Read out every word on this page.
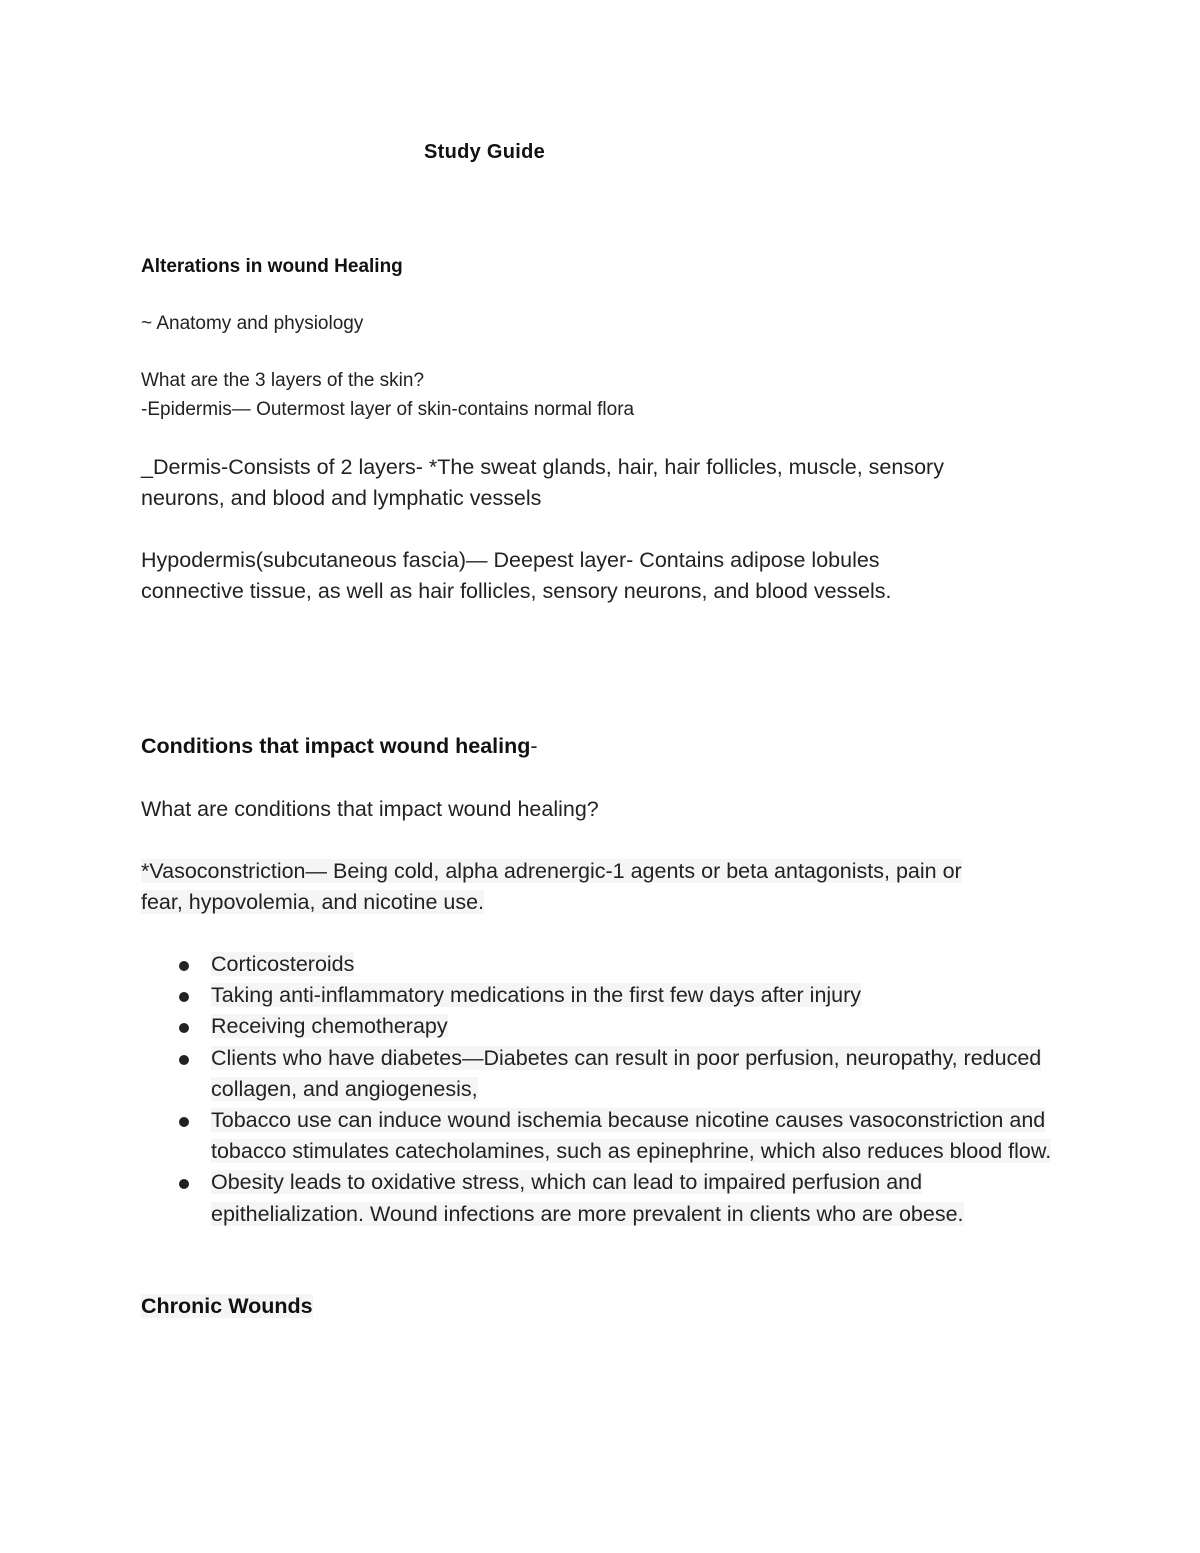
Study Guide
Alterations in wound Healing
~ Anatomy and physiology
What are the 3 layers of the skin?
-Epidermis— Outermost layer of skin-contains normal flora
_Dermis-Consists of 2 layers- *The sweat glands, hair, hair follicles, muscle, sensory
neurons, and blood and lymphatic vessels
Hypodermis(subcutaneous fascia)— Deepest layer- Contains adipose lobules
connective tissue, as well as hair follicles, sensory neurons, and blood vessels.
Conditions that impact wound healing-
What are conditions that impact wound healing?
*Vasoconstriction— Being cold, alpha adrenergic-1 agents or beta antagonists, pain or
fear, hypovolemia, and nicotine use.
Corticosteroids
Taking anti-inflammatory medications in the first few days after injury
Receiving chemotherapy
Clients who have diabetes—Diabetes can result in poor perfusion, neuropathy, reduced collagen, and angiogenesis,
Tobacco use can induce wound ischemia because nicotine causes vasoconstriction and tobacco stimulates catecholamines, such as epinephrine, which also reduces blood flow.
Obesity leads to oxidative stress, which can lead to impaired perfusion and epithelialization. Wound infections are more prevalent in clients who are obese.
Chronic Wounds
